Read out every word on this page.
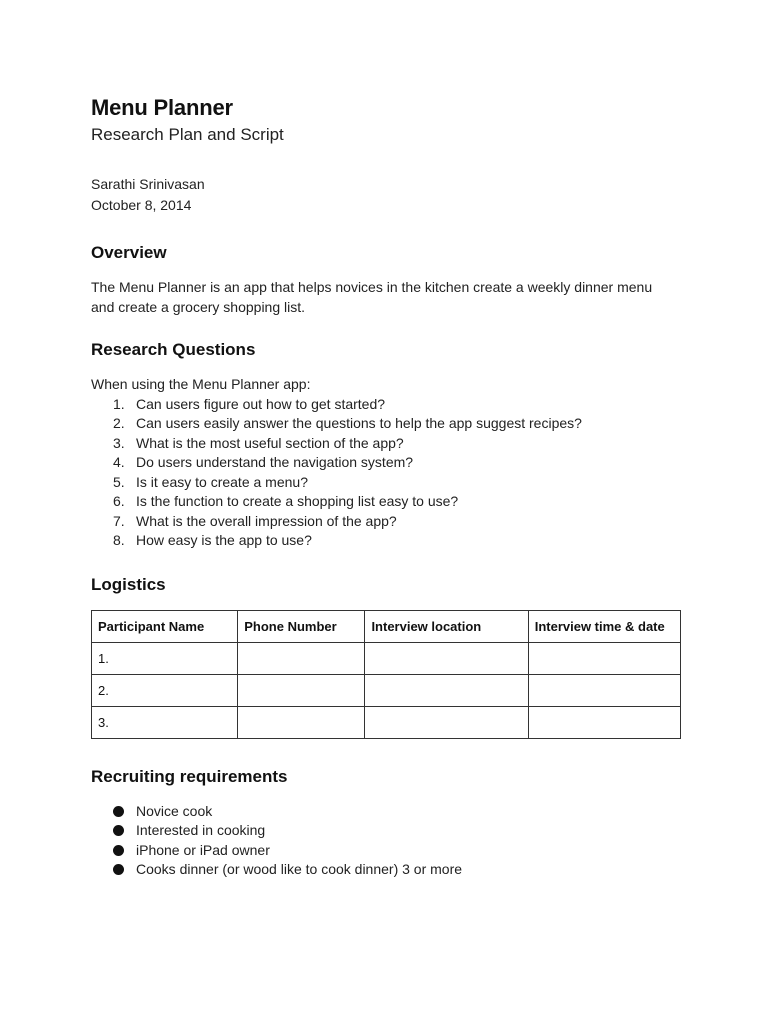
Menu Planner
Research Plan and Script
Sarathi Srinivasan
October 8, 2014
Overview
The Menu Planner is an app that helps novices in the kitchen create a weekly dinner menu and create a grocery shopping list.
Research Questions
When using the Menu Planner app:
1. Can users figure out how to get started?
2. Can users easily answer the questions to help the app suggest recipes?
3. What is the most useful section of the app?
4. Do users understand the navigation system?
5. Is it easy to create a menu?
6. Is the function to create a shopping list easy to use?
7. What is the overall impression of the app?
8. How easy is the app to use?
Logistics
Participant Name	Phone Number	Interview location	Interview time & date
1.			
2.			
3.			
Recruiting requirements
Novice cook
Interested in cooking
iPhone or iPad owner
Cooks dinner (or wood like to cook dinner) 3 or more
